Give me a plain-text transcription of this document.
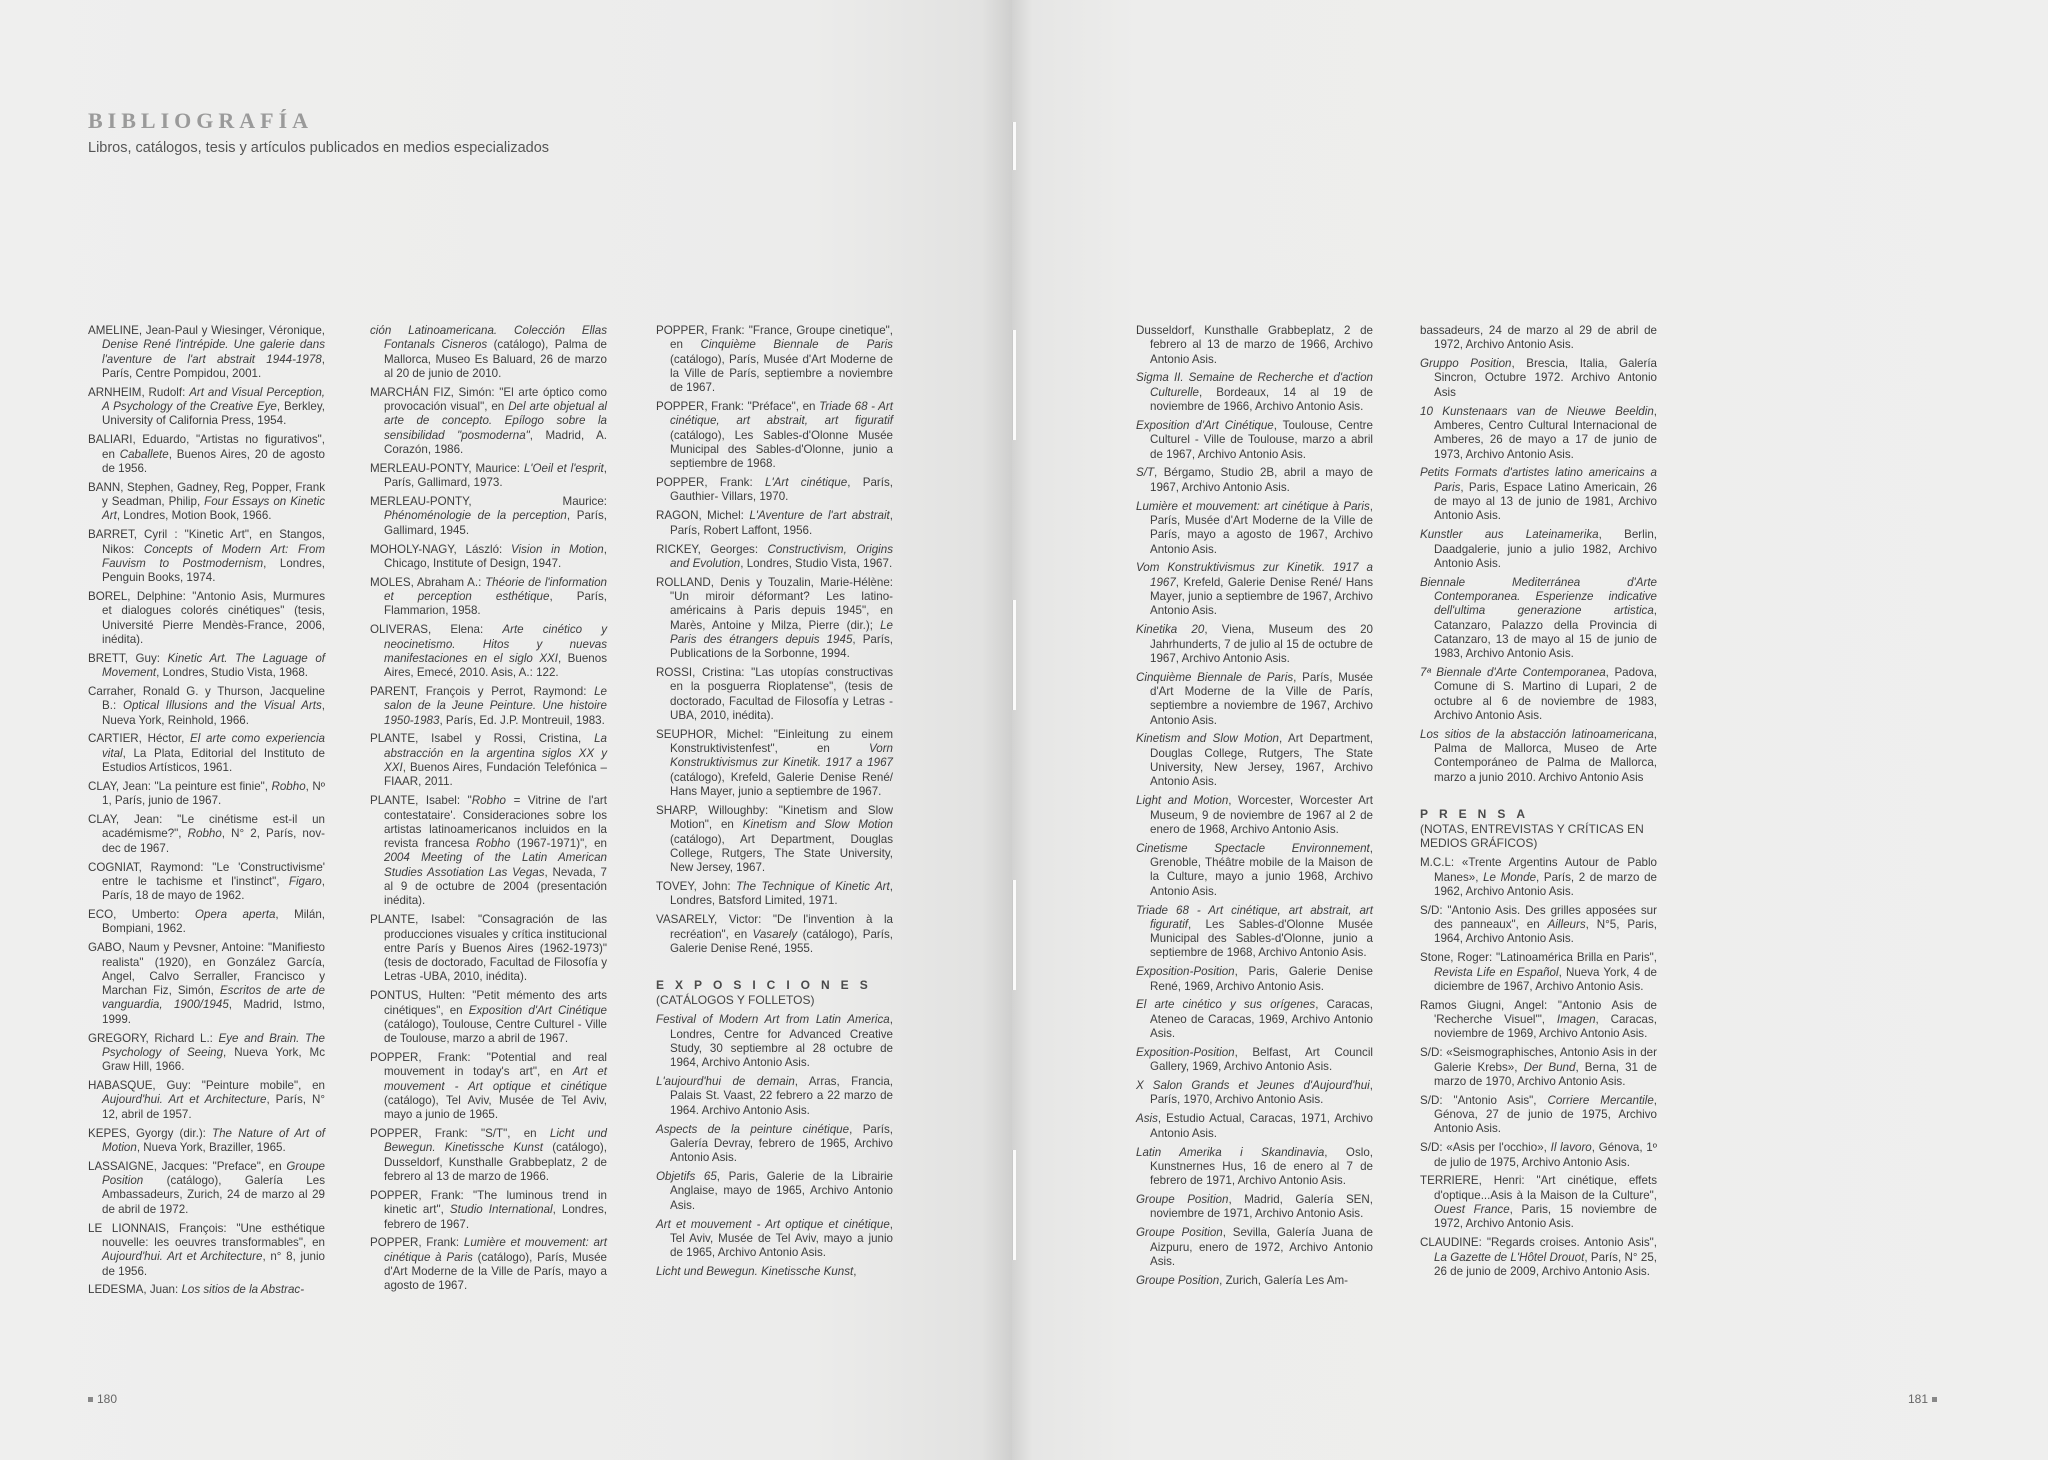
BIBLIOGRAFÍA
Libros, catálogos, tesis y artículos publicados en medios especializados

AMELINE, Jean-Paul y Wiesinger, Véronique, Denise René l'intrépide. Une galerie dans l'aventure de l'art abstrait 1944-1978, París, Centre Pompidou, 2001.

ARNHEIM, Rudolf: Art and Visual Perception, A Psychology of the Creative Eye, Berkley, University of California Press, 1954.

BALIARI, Eduardo, "Artistas no figurativos", en Caballete, Buenos Aires, 20 de agosto de 1956.

BANN, Stephen, Gadney, Reg, Popper, Frank y Seadman, Philip, Four Essays on Kinetic Art, Londres, Motion Book, 1966.

BARRET, Cyril : "Kinetic Art", en Stangos, Nikos: Concepts of Modern Art: From Fauvism to Postmodernism, Londres, Penguin Books, 1974.

BOREL, Delphine: "Antonio Asis, Murmures et dialogues colorés cinétiques" (tesis, Université Pierre Mendès-France, 2006, inédita).

BRETT, Guy: Kinetic Art. The Laguage of Movement, Londres, Studio Vista, 1968.

Carraher, Ronald G. y Thurson, Jacqueline B.: Optical Illusions and the Visual Arts, Nueva York, Reinhold, 1966.

CARTIER, Héctor, El arte como experiencia vital, La Plata, Editorial del Instituto de Estudios Artísticos, 1961.

CLAY, Jean: "La peinture est finie", Robho, Nº 1, París, junio de 1967.

CLAY, Jean: "Le cinétisme est-il un académisme?", Robho, N° 2, París, nov-dec de 1967.

COGNIAT, Raymond: "Le 'Constructivisme' entre le tachisme et l'instinct", Figaro, París, 18 de mayo de 1962.

ECO, Umberto: Opera aperta, Milán, Bompiani, 1962.

GABO, Naum y Pevsner, Antoine: "Manifiesto realista" (1920), en González García, Angel, Calvo Serraller, Francisco y Marchan Fiz, Simón, Escritos de arte de vanguardia, 1900/1945, Madrid, Istmo, 1999.

GREGORY, Richard L.: Eye and Brain. The Psychology of Seeing, Nueva York, Mc Graw Hill, 1966.

HABASQUE, Guy: "Peinture mobile", en Aujourd'hui. Art et Architecture, París, N° 12, abril de 1957.

KEPES, Gyorgy (dir.): The Nature of Art of Motion, Nueva York, Braziller, 1965.

LASSAIGNE, Jacques: "Preface", en Groupe Position (catálogo), Galería Les Ambassadeurs, Zurich, 24 de marzo al 29 de abril de 1972.

LE LIONNAIS, François: "Une esthétique nouvelle: les oeuvres transformables", en Aujourd'hui. Art et Architecture, n° 8, junio de 1956.

LEDESMA, Juan: Los sitios de la Abstrac-

ción Latinoamericana. Colección Ellas Fontanals Cisneros (catálogo), Palma de Mallorca, Museo Es Baluard, 26 de marzo al 20 de junio de 2010.

MARCHÁN FIZ, Simón: "El arte óptico como provocación visual", en Del arte objetual al arte de concepto. Epílogo sobre la sensibilidad "posmoderna", Madrid, A. Corazón, 1986.

MERLEAU-PONTY, Maurice: L'Oeil et l'esprit, París, Gallimard, 1973.

MERLEAU-PONTY, Maurice: Phénoménologie de la perception, París, Gallimard, 1945.

MOHOLY-NAGY, László: Vision in Motion, Chicago, Institute of Design, 1947.

MOLES, Abraham A.: Théorie de l'information et perception esthétique, París, Flammarion, 1958.

OLIVERAS, Elena: Arte cinético y neocinetismo. Hitos y nuevas manifestaciones en el siglo XXI, Buenos Aires, Emecé, 2010. Asis, A.: 122.

PARENT, François y Perrot, Raymond: Le salon de la Jeune Peinture. Une histoire 1950-1983, París, Ed. J.P. Montreuil, 1983.

PLANTE, Isabel y Rossi, Cristina, La abstracción en la argentina siglos XX y XXI, Buenos Aires, Fundación Telefónica – FIAAR, 2011.

PLANTE, Isabel: "Robho = Vitrine de l'art contestataire'. Consideraciones sobre los artistas latinoamericanos incluidos en la revista francesa Robho (1967-1971)", en 2004 Meeting of the Latin American Studies Assotiation Las Vegas, Nevada, 7 al 9 de octubre de 2004 (presentación inédita).

PLANTE, Isabel: "Consagración de las producciones visuales y crítica institucional entre París y Buenos Aires (1962-1973)" (tesis de doctorado, Facultad de Filosofía y Letras -UBA, 2010, inédita).

PONTUS, Hulten: "Petit mémento des arts cinétiques", en Exposition d'Art Cinétique (catálogo), Toulouse, Centre Culturel - Ville de Toulouse, marzo a abril de 1967.

POPPER, Frank: "Potential and real mouvement in today's art", en Art et mouvement - Art optique et cinétique (catálogo), Tel Aviv, Musée de Tel Aviv, mayo a junio de 1965.

POPPER, Frank: "S/T", en Licht und Bewegun. Kinetissche Kunst (catálogo), Dusseldorf, Kunsthalle Grabbeplatz, 2 de febrero al 13 de marzo de 1966.

POPPER, Frank: "The luminous trend in kinetic art", Studio International, Londres, febrero de 1967.

POPPER, Frank: Lumière et mouvement: art cinétique à Paris (catálogo), París, Musée d'Art Moderne de la Ville de París, mayo a agosto de 1967.

POPPER, Frank: "France, Groupe cinetique", en Cinquième Biennale de Paris (catálogo), París, Musée d'Art Moderne de la Ville de París, septiembre a noviembre de 1967.

POPPER, Frank: "Préface", en Triade 68 - Art cinétique, art abstrait, art figuratif (catálogo), Les Sables-d'Olonne Musée Municipal des Sables-d'Olonne, junio a septiembre de 1968.

POPPER, Frank: L'Art cinétique, París, Gauthier- Villars, 1970.

RAGON, Michel: L'Aventure de l'art abstrait, París, Robert Laffont, 1956.

RICKEY, Georges: Constructivism, Origins and Evolution, Londres, Studio Vista, 1967.

ROLLAND, Denis y Touzalin, Marie-Hélène: "Un miroir déformant? Les latino-américains à Paris depuis 1945", en Marès, Antoine y Milza, Pierre (dir.); Le Paris des étrangers depuis 1945, París, Publications de la Sorbonne, 1994.

ROSSI, Cristina: "Las utopías constructivas en la posguerra Rioplatense", (tesis de doctorado, Facultad de Filosofía y Letras - UBA, 2010, inédita).

SEUPHOR, Michel: "Einleitung zu einem Konstruktivistenfest", en Vorn Konstruktivismus zur Kinetik. 1917 a 1967 (catálogo), Krefeld, Galerie Denise René/ Hans Mayer, junio a septiembre de 1967.

SHARP, Willoughby: "Kinetism and Slow Motion", en Kinetism and Slow Motion (catálogo), Art Department, Douglas College, Rutgers, The State University, New Jersey, 1967.

TOVEY, John: The Technique of Kinetic Art, Londres, Batsford Limited, 1971.

VASARELY, Victor: "De l'invention à la recréation", en Vasarely (catálogo), París, Galerie Denise René, 1955.

EXPOSICIONES
(CATÁLOGOS Y FOLLETOS)

Festival of Modern Art from Latin America, Londres, Centre for Advanced Creative Study, 30 septiembre al 28 octubre de 1964, Archivo Antonio Asis.

L'aujourd'hui de demain, Arras, Francia, Palais St. Vaast, 22 febrero a 22 marzo de 1964. Archivo Antonio Asis.

Aspects de la peinture cinétique, París, Galería Devray, febrero de 1965, Archivo Antonio Asis.

Objetifs 65, Paris, Galerie de la Librairie Anglaise, mayo de 1965, Archivo Antonio Asis.

Art et mouvement - Art optique et cinétique, Tel Aviv, Musée de Tel Aviv, mayo a junio de 1965, Archivo Antonio Asis.

Licht und Bewegun. Kinetissche Kunst,

Dusseldorf, Kunsthalle Grabbeplatz, 2 de febrero al 13 de marzo de 1966, Archivo Antonio Asis.

Sigma II. Semaine de Recherche et d'action Culturelle, Bordeaux, 14 al 19 de noviembre de 1966, Archivo Antonio Asis.

Exposition d'Art Cinétique, Toulouse, Centre Culturel - Ville de Toulouse, marzo a abril de 1967, Archivo Antonio Asis.

S/T, Bérgamo, Studio 2B, abril a mayo de 1967, Archivo Antonio Asis.

Lumière et mouvement: art cinétique à Paris, París, Musée d'Art Moderne de la Ville de París, mayo a agosto de 1967, Archivo Antonio Asis.

Vom Konstruktivismus zur Kinetik. 1917 a 1967, Krefeld, Galerie Denise René/ Hans Mayer, junio a septiembre de 1967, Archivo Antonio Asis.

Kinetika 20, Viena, Museum des 20 Jahrhunderts, 7 de julio al 15 de octubre de 1967, Archivo Antonio Asis.

Cinquième Biennale de Paris, París, Musée d'Art Moderne de la Ville de París, septiembre a noviembre de 1967, Archivo Antonio Asis.

Kinetism and Slow Motion, Art Department, Douglas College, Rutgers, The State University, New Jersey, 1967, Archivo Antonio Asis.

Light and Motion, Worcester, Worcester Art Museum, 9 de noviembre de 1967 al 2 de enero de 1968, Archivo Antonio Asis.

Cinetisme Spectacle Environnement, Grenoble, Théâtre mobile de la Maison de la Culture, mayo a junio 1968, Archivo Antonio Asis.

Triade 68 - Art cinétique, art abstrait, art figuratif, Les Sables-d'Olonne Musée Municipal des Sables-d'Olonne, junio a septiembre de 1968, Archivo Antonio Asis.

Exposition-Position, Paris, Galerie Denise René, 1969, Archivo Antonio Asis.

El arte cinético y sus orígenes, Caracas, Ateneo de Caracas, 1969, Archivo Antonio Asis.

Exposition-Position, Belfast, Art Council Gallery, 1969, Archivo Antonio Asis.

X Salon Grands et Jeunes d'Aujourd'hui, París, 1970, Archivo Antonio Asis.

Asis, Estudio Actual, Caracas, 1971, Archivo Antonio Asis.

Latin Amerika i Skandinavia, Oslo, Kunstnernes Hus, 16 de enero al 7 de febrero de 1971, Archivo Antonio Asis.

Groupe Position, Madrid, Galería SEN, noviembre de 1971, Archivo Antonio Asis.

Groupe Position, Sevilla, Galería Juana de Aizpuru, enero de 1972, Archivo Antonio Asis.

Groupe Position, Zurich, Galería Les Am-

bassadeurs, 24 de marzo al 29 de abril de 1972, Archivo Antonio Asis.

Gruppo Position, Brescia, Italia, Galería Sincron, Octubre 1972. Archivo Antonio Asis

10 Kunstenaars van de Nieuwe Beeldin, Amberes, Centro Cultural Internacional de Amberes, 26 de mayo a 17 de junio de 1973, Archivo Antonio Asis.

Petits Formats d'artistes latino americains a Paris, Paris, Espace Latino Americain, 26 de mayo al 13 de junio de 1981, Archivo Antonio Asis.

Kunstler aus Lateinamerika, Berlin, Daadgalerie, junio a julio 1982, Archivo Antonio Asis.

Biennale Mediterránea d'Arte Contemporanea. Esperienze indicative dell'ultima generazione artistica, Catanzaro, Palazzo della Provincia di Catanzaro, 13 de mayo al 15 de junio de 1983, Archivo Antonio Asis.

7ª Biennale d'Arte Contemporanea, Padova, Comune di S. Martino di Lupari, 2 de octubre al 6 de noviembre de 1983, Archivo Antonio Asis.

Los sitios de la abstacción latinoamericana, Palma de Mallorca, Museo de Arte Contemporáneo de Palma de Mallorca, marzo a junio 2010. Archivo Antonio Asis

PRENSA
(NOTAS, ENTREVISTAS Y CRÍTICAS EN MEDIOS GRÁFICOS)

M.C.L: «Trente Argentins Autour de Pablo Manes», Le Monde, París, 2 de marzo de 1962, Archivo Antonio Asis.

S/D: "Antonio Asis. Des grilles apposées sur des panneaux", en Ailleurs, N°5, Paris, 1964, Archivo Antonio Asis.

Stone, Roger: "Latinoamérica Brilla en Paris", Revista Life en Español, Nueva York, 4 de diciembre de 1967, Archivo Antonio Asis.

Ramos Giugni, Angel: "Antonio Asis de 'Recherche Visuel'", Imagen, Caracas, noviembre de 1969, Archivo Antonio Asis.

S/D: «Seismographisches, Antonio Asis in der Galerie Krebs», Der Bund, Berna, 31 de marzo de 1970, Archivo Antonio Asis.

S/D: "Antonio Asis", Corriere Mercantile, Génova, 27 de junio de 1975, Archivo Antonio Asis.

S/D: «Asis per l'occhio», Il lavoro, Génova, 1º de julio de 1975, Archivo Antonio Asis.

TERRIERE, Henri: "Art cinétique, effets d'optique...Asis à la Maison de la Culture", Ouest France, Paris, 15 noviembre de 1972, Archivo Antonio Asis.

CLAUDINE: "Regards croises. Antonio Asis", La Gazette de L'Hôtel Drouot, París, N° 25, 26 de junio de 2009, Archivo Antonio Asis.

180	181
